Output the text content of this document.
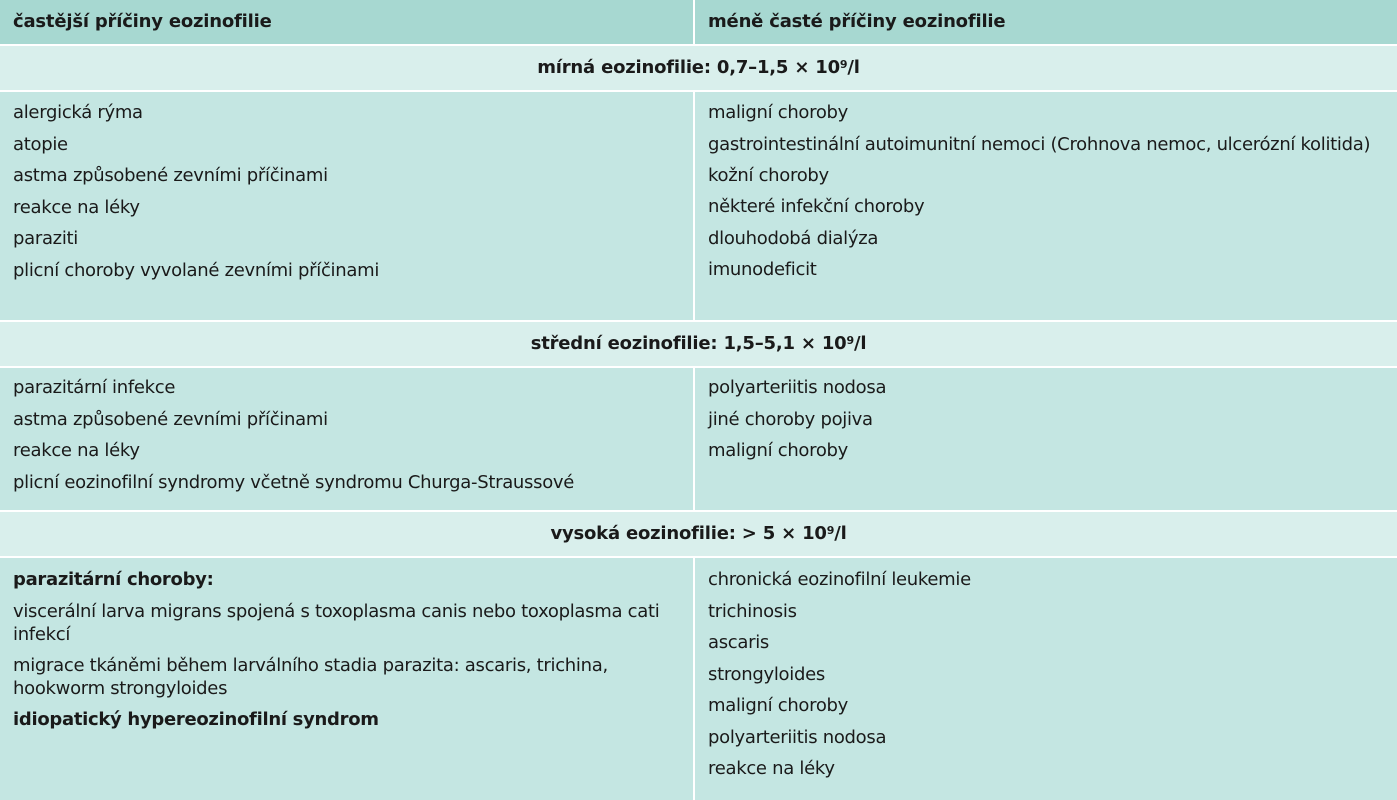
častější příčiny eozinofilie	méně časté příčiny eozinofilie
mírná eozinofilie: $0,7-1,5 \times 10^9/l$
alergická rýma
atopie
astma způsobené zevními příčinami
reakce na léky
paraziti
plicní choroby vyvolané zevními příčinami
maligní choroby
gastrointestinální autoimunitní nemoci (Crohnova nemoc, ulcerózní kolitida)
kožní choroby
některé infekční choroby
dlouhodobá dialýza
imunodeficit
střední eozinofilie: $1,5-5,1 \times 10^9/l$
parazitární infekce
astma způsobené zevními příčinami
reakce na léky
plicní eozinofilní syndromy včetně syndromu Churga-Straussové
polyarteriitis nodosa
jiné choroby pojiva
maligní choroby
vysoká eozinofilie: > $5 \times 10^9/l$
parazitární choroby:
viscerální larva migrans spojená s toxoplasma canis nebo toxoplasma cati infekcí
migrace tkáněmi během larválního stadia parazita: ascaris, trichina, hookworm strongyloides
idiopatický hypereozinofilní syndrom
chronická eozinofilní leukemie
trichinosis
ascaris
strongyloides
maligní choroby
polyarteriitis nodosa
reakce na léky
